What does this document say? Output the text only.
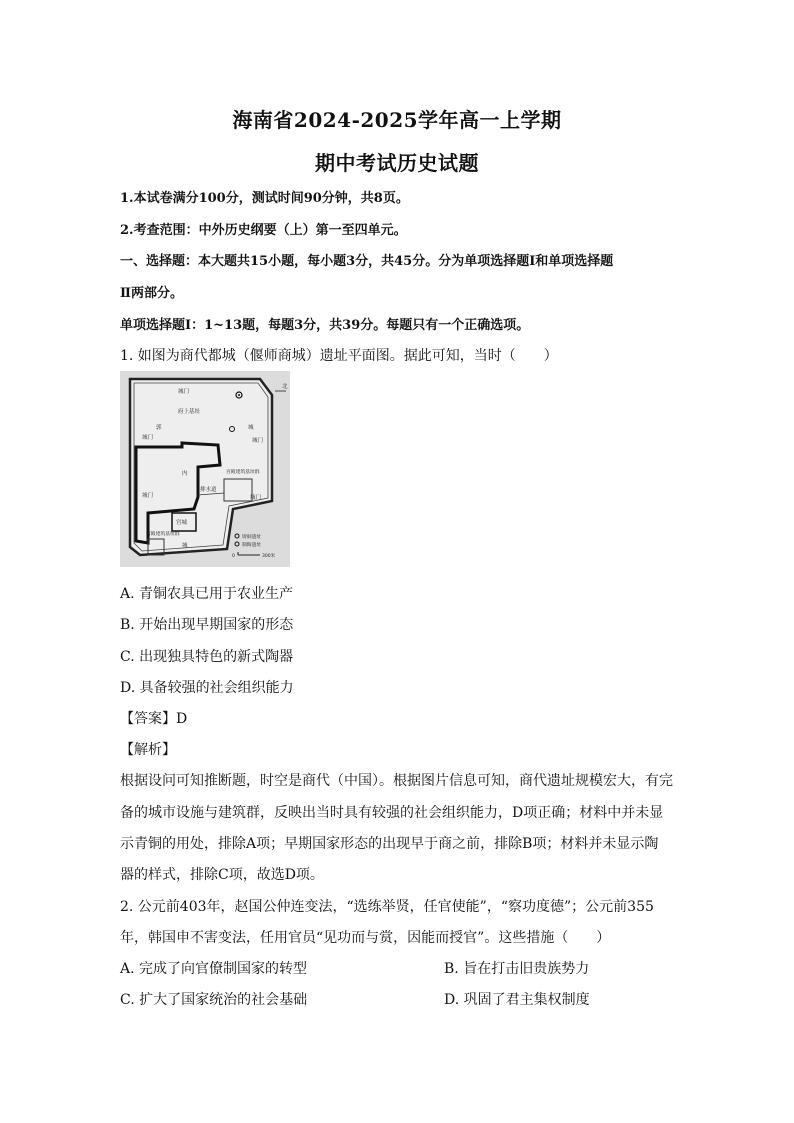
海南省2024-2025学年高一上学期
期中考试历史试题
1.本试卷满分100分，测试时间90分钟，共8页。
2.考查范围：中外历史纲要（上）第一至四单元。
一、选择题：本大题共15小题，每小题3分，共45分。分为单项选择题Ⅰ和单项选择题
Ⅱ两部分。
单项选择题Ⅰ：1~13题，每题3分，共39分。每题只有一个正确选项。
1. 如图为商代都城（偃师商城）遗址平面图。据此可知，当时（　　）
北
城门
府上基址
城门	城门
郭	城
内	宫殿建筑基址群
城门
排水道
城门
宫城
宫殿建筑基址群
城
铸铜遗址
制陶遗址
0	300米
A. 青铜农具已用于农业生产
B. 开始出现早期国家的形态
C. 出现独具特色的新式陶器
D. 具备较强的社会组织能力
【答案】D
【解析】
根据设问可知推断题，时空是商代（中国）。根据图片信息可知，商代遗址规模宏大，有完
备的城市设施与建筑群，反映出当时具有较强的社会组织能力，D项正确；材料中并未显
示青铜的用处，排除A项；早期国家形态的出现早于商之前，排除B项；材料并未显示陶
器的样式，排除C项，故选D项。
2. 公元前403年，赵国公仲连变法，“选练举贤，任官使能”，“察功度德”；公元前355
年，韩国申不害变法，任用官员“见功而与赏，因能而授官”。这些措施（　　）
A. 完成了向官僚制国家的转型	B. 旨在打击旧贵族势力
C. 扩大了国家统治的社会基础	D. 巩固了君主集权制度
